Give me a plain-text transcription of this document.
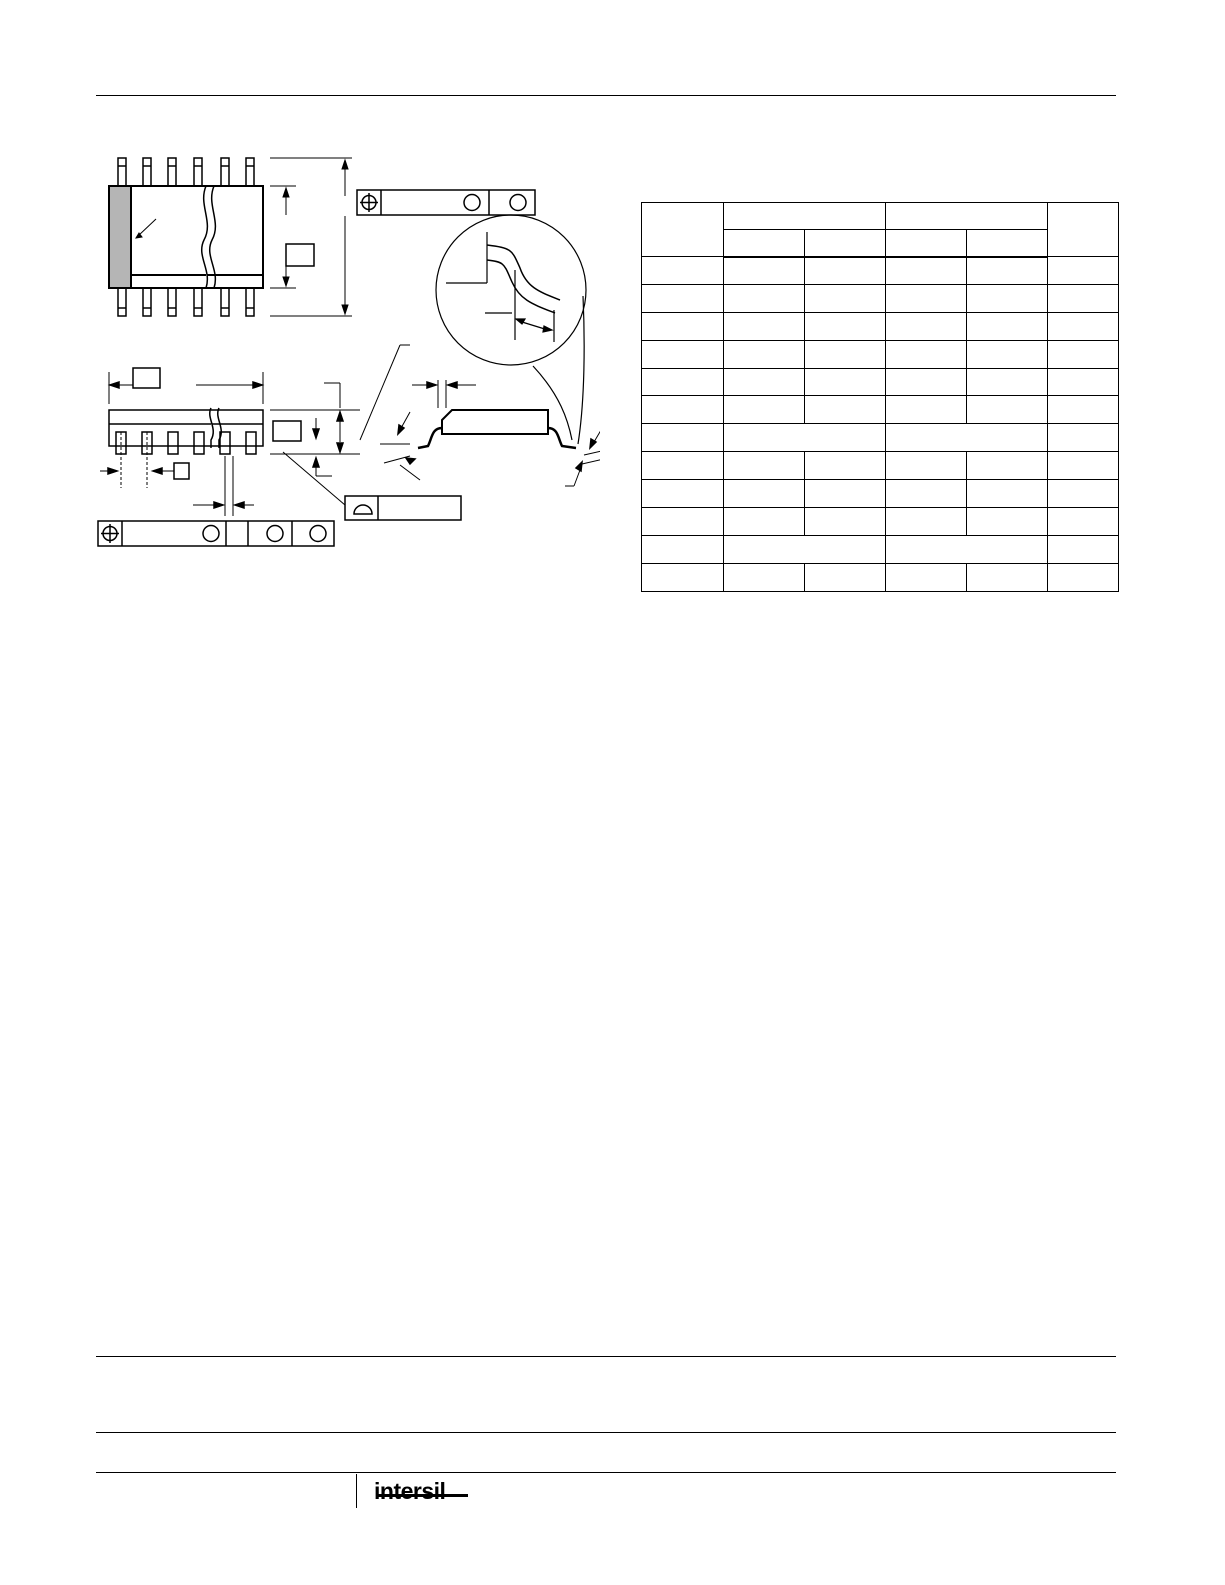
intersil
